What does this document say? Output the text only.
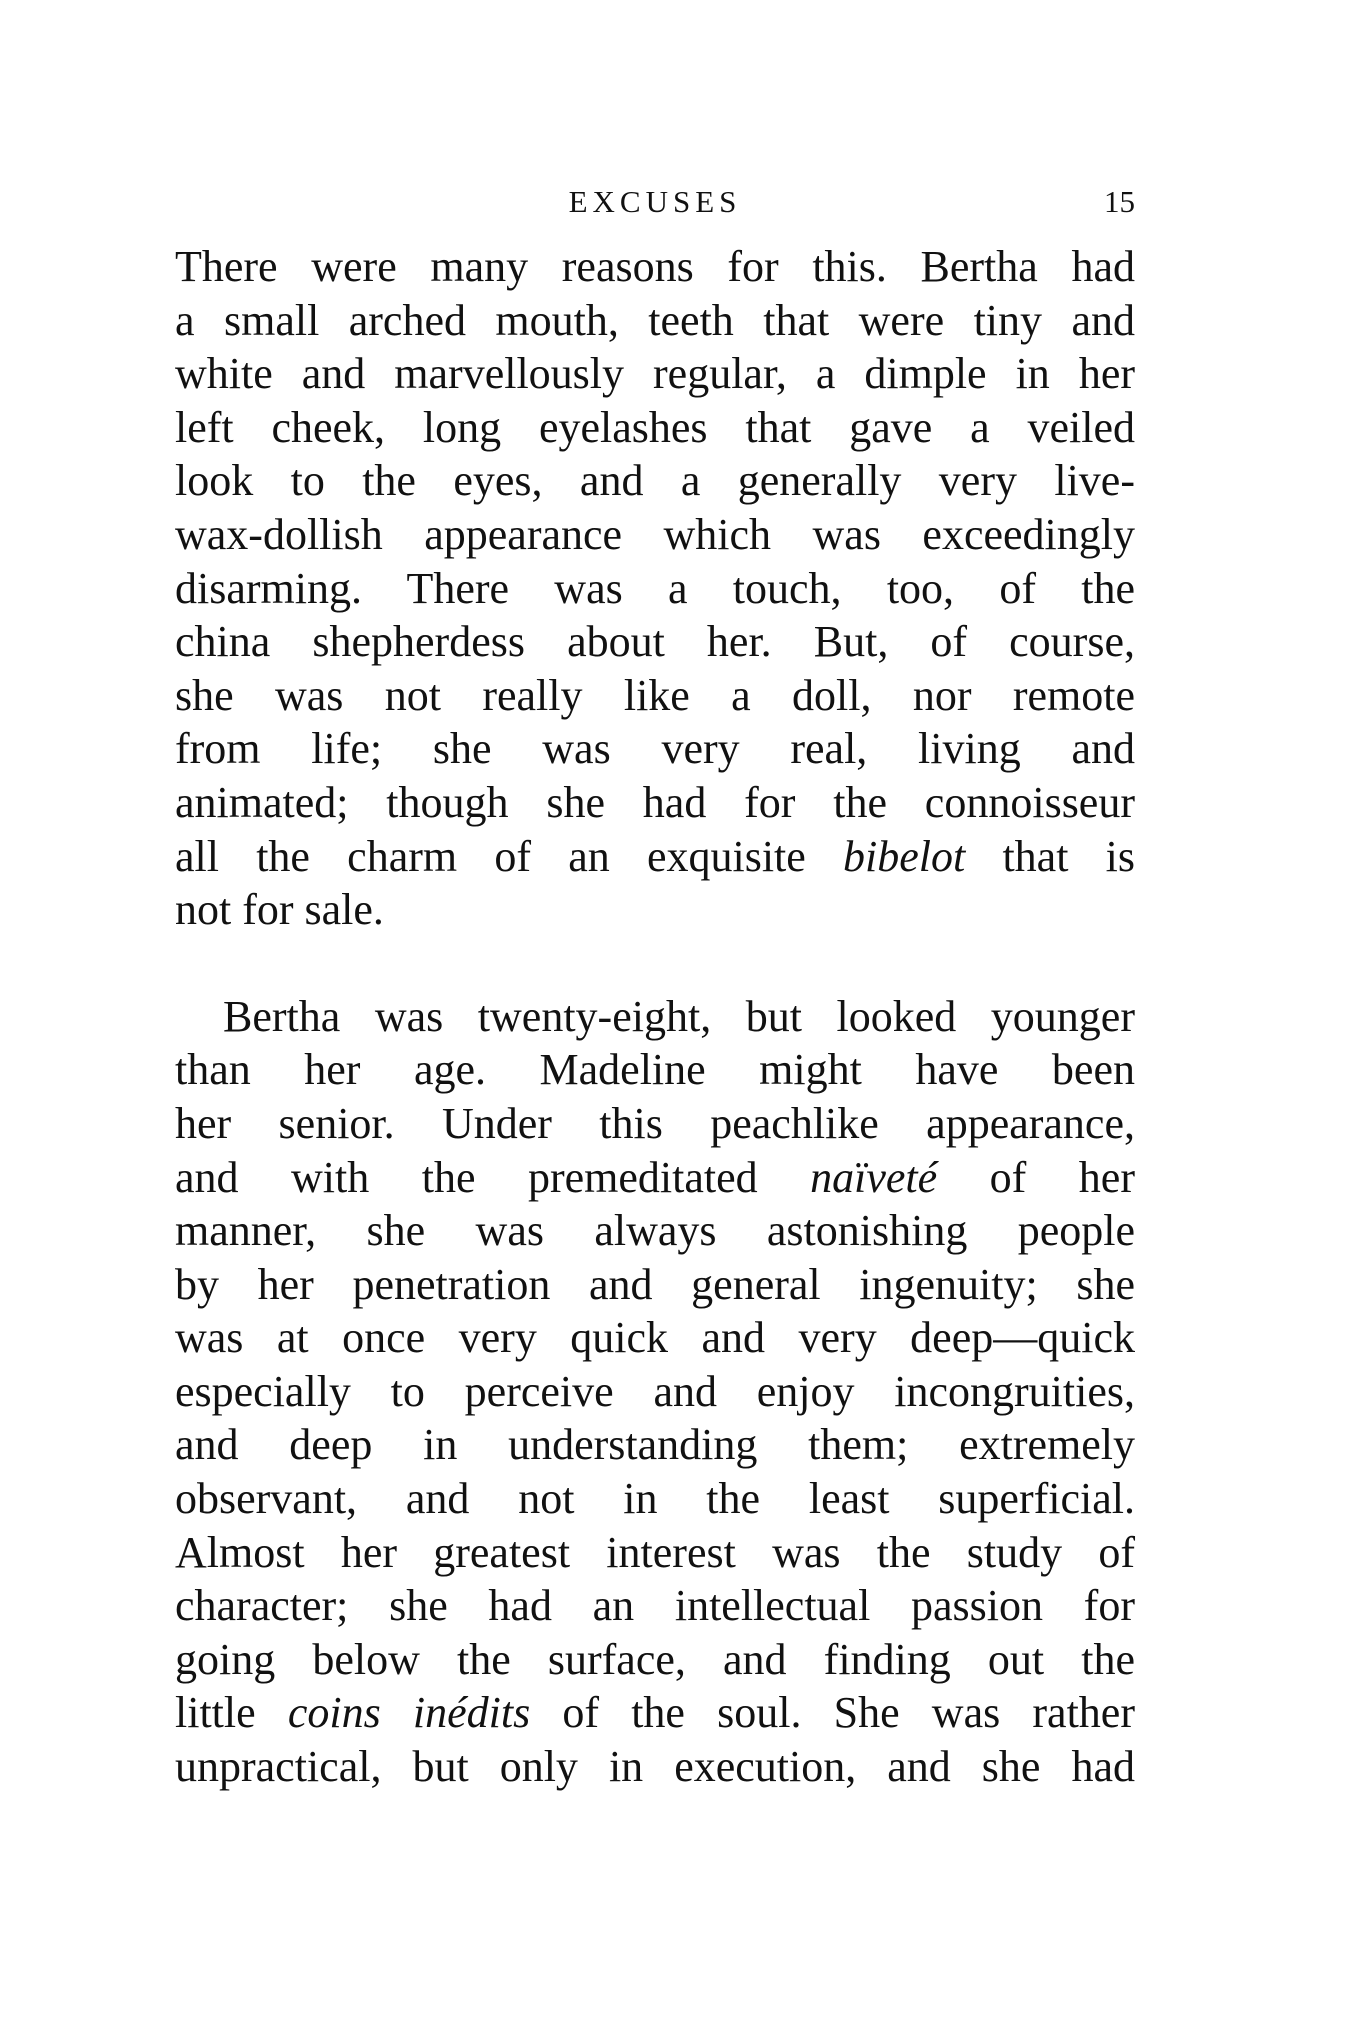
EXCUSES	15
There were many reasons for this. Bertha had
a small arched mouth, teeth that were tiny and
white and marvellously regular, a dimple in her
left cheek, long eyelashes that gave a veiled
look to the eyes, and a generally very live-
wax-dollish appearance which was exceedingly
disarming. There was a touch, too, of the
china shepherdess about her. But, of course,
she was not really like a doll, nor remote
from life; she was very real, living and
animated; though she had for the connoisseur
all the charm of an exquisite bibelot that is
not for sale.
Bertha was twenty-eight, but looked younger
than her age. Madeline might have been
her senior. Under this peachlike appearance,
and with the premeditated naïveté of her
manner, she was always astonishing people
by her penetration and general ingenuity; she
was at once very quick and very deep—quick
especially to perceive and enjoy incongruities,
and deep in understanding them; extremely
observant, and not in the least superficial.
Almost her greatest interest was the study of
character; she had an intellectual passion for
going below the surface, and finding out the
little coins inédits of the soul. She was rather
unpractical, but only in execution, and she had
